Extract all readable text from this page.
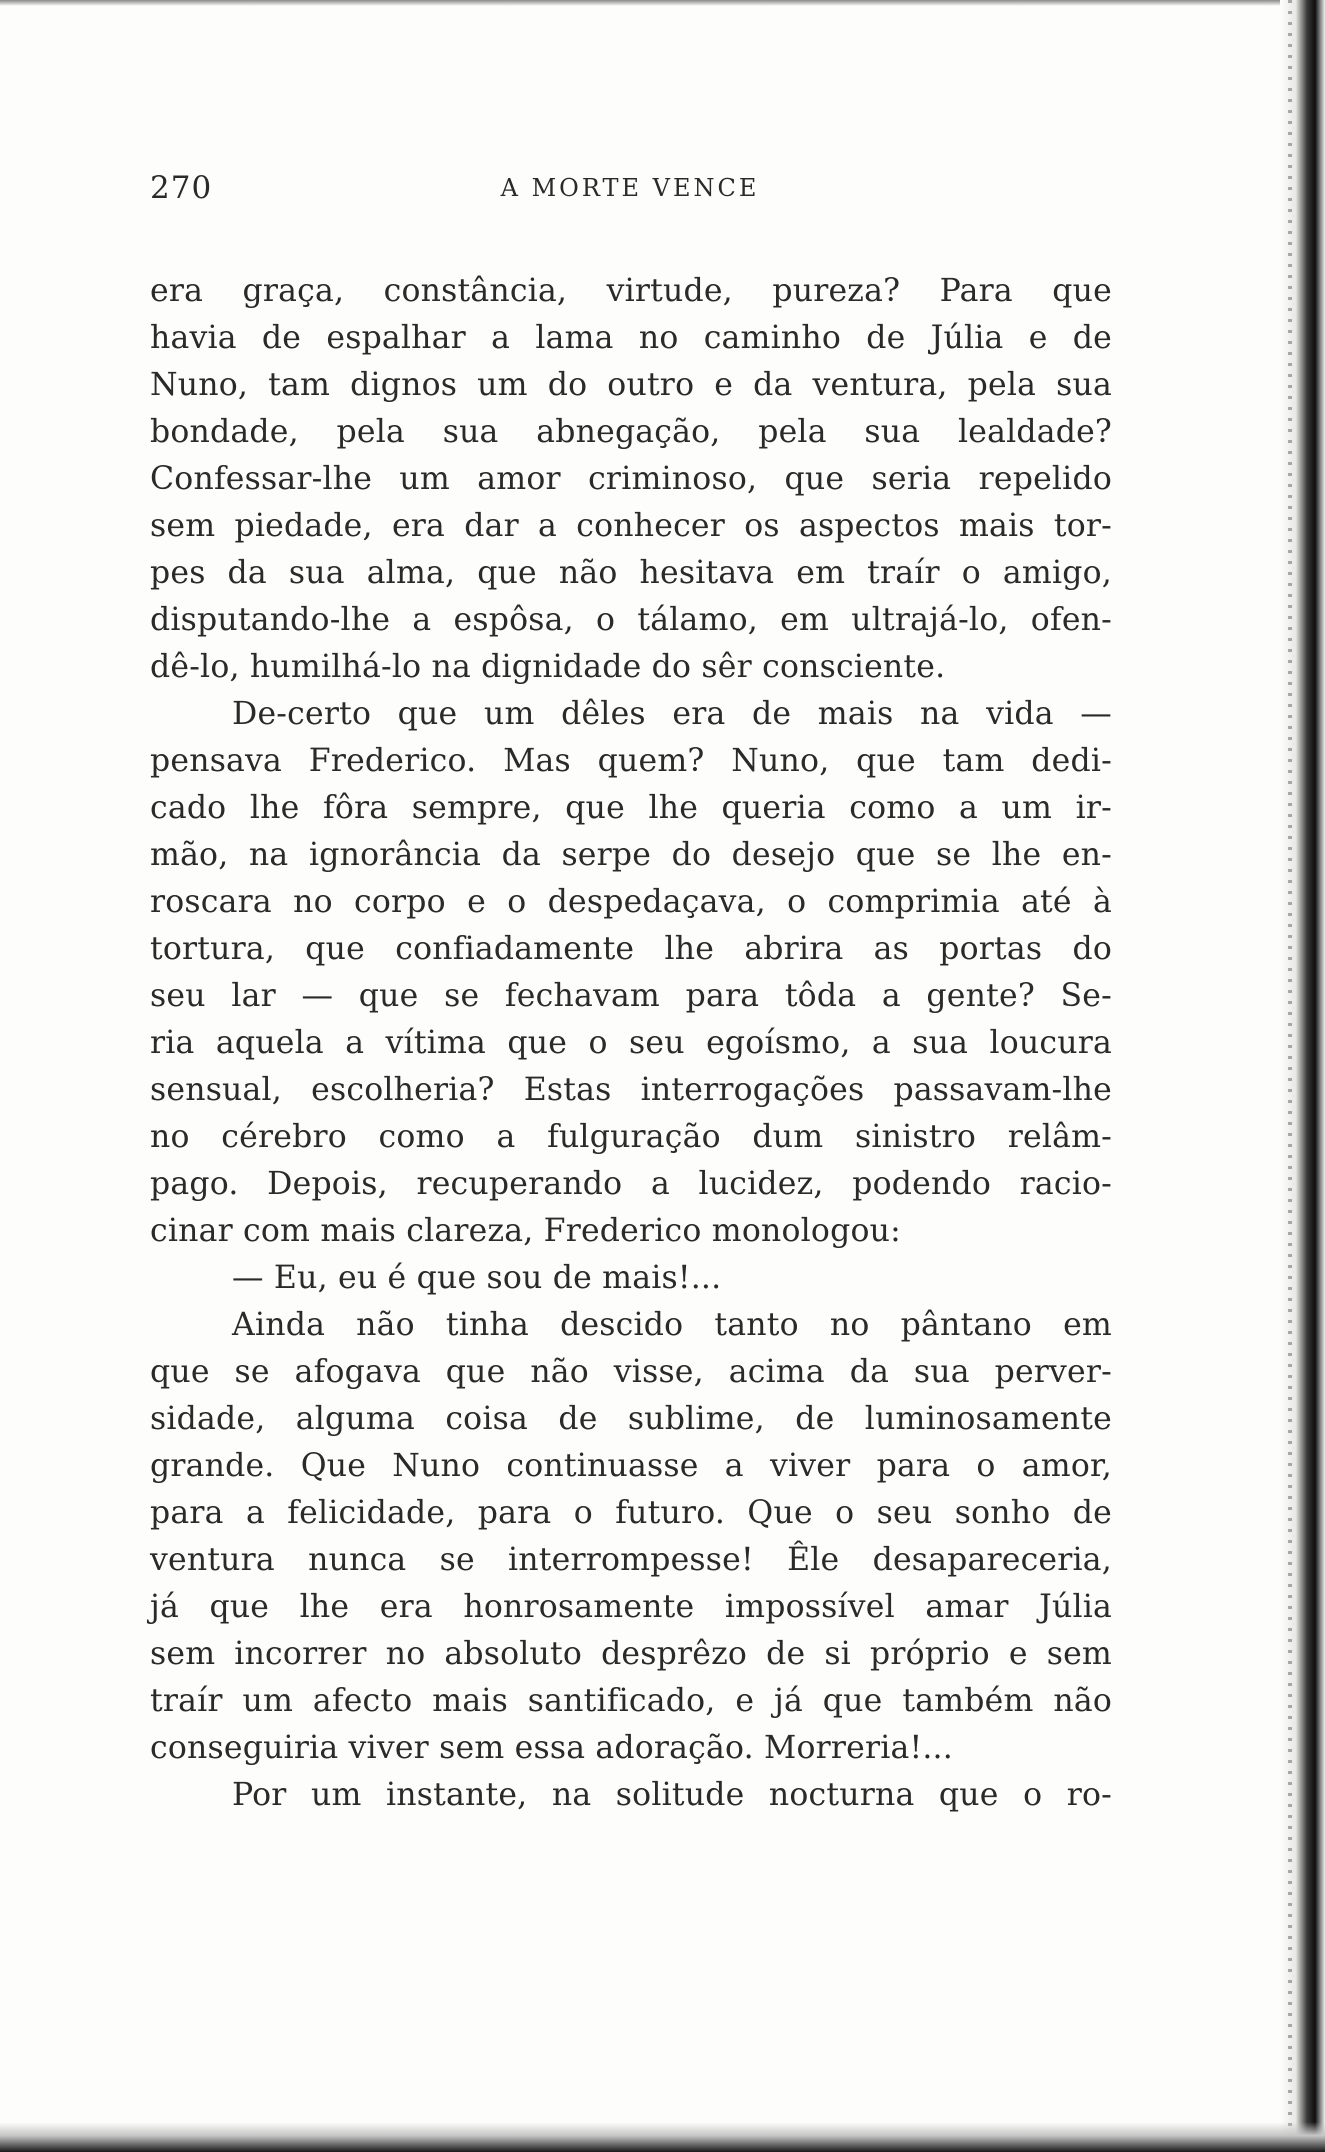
270	A MORTE VENCE
era graça, constância, virtude, pureza? Para que
havia de espalhar a lama no caminho de Júlia e de
Nuno, tam dignos um do outro e da ventura, pela sua
bondade, pela sua abnegação, pela sua lealdade?
Confessar-lhe um amor criminoso, que seria repelido
sem piedade, era dar a conhecer os aspectos mais tor-
pes da sua alma, que não hesitava em traír o amigo,
disputando-lhe a espôsa, o tálamo, em ultrajá-lo, ofen-
dê-lo, humilhá-lo na dignidade do sêr consciente.
De-certo que um dêles era de mais na vida —
pensava Frederico. Mas quem? Nuno, que tam dedi-
cado lhe fôra sempre, que lhe queria como a um ir-
mão, na ignorância da serpe do desejo que se lhe en-
roscara no corpo e o despedaçava, o comprimia até à
tortura, que confiadamente lhe abrira as portas do
seu lar — que se fechavam para tôda a gente? Se-
ria aquela a vítima que o seu egoísmo, a sua loucura
sensual, escolheria? Estas interrogações passavam-lhe
no cérebro como a fulguração dum sinistro relâm-
pago. Depois, recuperando a lucidez, podendo racio-
cinar com mais clareza, Frederico monologou:
— Eu, eu é que sou de mais!...
Ainda não tinha descido tanto no pântano em
que se afogava que não visse, acima da sua perver-
sidade, alguma coisa de sublime, de luminosamente
grande. Que Nuno continuasse a viver para o amor,
para a felicidade, para o futuro. Que o seu sonho de
ventura nunca se interrompesse! Êle desapareceria,
já que lhe era honrosamente impossível amar Júlia
sem incorrer no absoluto desprêzo de si próprio e sem
traír um afecto mais santificado, e já que também não
conseguiria viver sem essa adoração. Morreria!...
Por um instante, na solitude nocturna que o ro-
